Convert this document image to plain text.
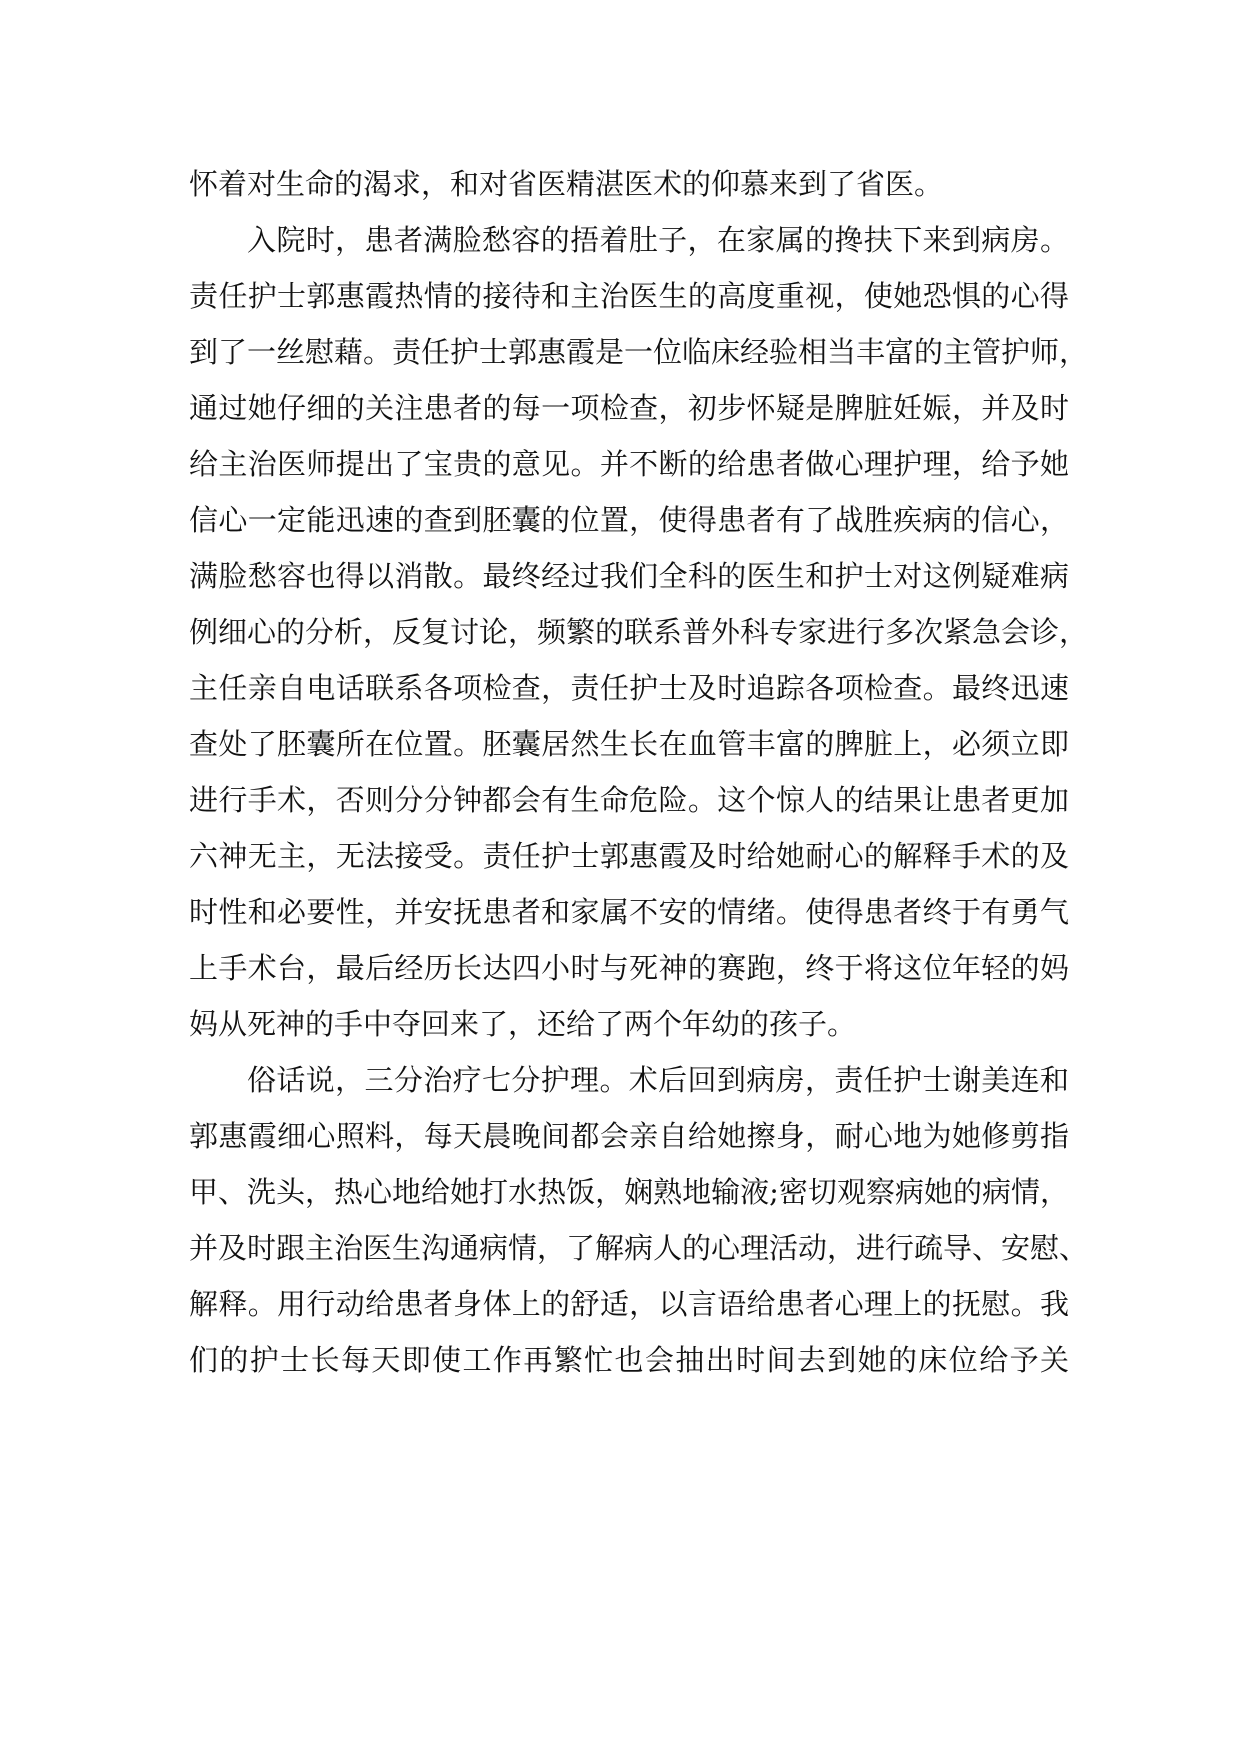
怀着对生命的渴求，和对省医精湛医术的仰慕来到了省医。
入院时，患者满脸愁容的捂着肚子，在家属的搀扶下来到病房。
责任护士郭惠霞热情的接待和主治医生的高度重视，使她恐惧的心得
到了一丝慰藉。责任护士郭惠霞是一位临床经验相当丰富的主管护师，
通过她仔细的关注患者的每一项检查，初步怀疑是脾脏妊娠，并及时
给主治医师提出了宝贵的意见。并不断的给患者做心理护理，给予她
信心一定能迅速的查到胚囊的位置，使得患者有了战胜疾病的信心，
满脸愁容也得以消散。最终经过我们全科的医生和护士对这例疑难病
例细心的分析，反复讨论，频繁的联系普外科专家进行多次紧急会诊，
主任亲自电话联系各项检查，责任护士及时追踪各项检查。最终迅速
查处了胚囊所在位置。胚囊居然生长在血管丰富的脾脏上，必须立即
进行手术，否则分分钟都会有生命危险。这个惊人的结果让患者更加
六神无主，无法接受。责任护士郭惠霞及时给她耐心的解释手术的及
时性和必要性，并安抚患者和家属不安的情绪。使得患者终于有勇气
上手术台，最后经历长达四小时与死神的赛跑，终于将这位年轻的妈
妈从死神的手中夺回来了，还给了两个年幼的孩子。
俗话说，三分治疗七分护理。术后回到病房，责任护士谢美连和
郭惠霞细心照料，每天晨晚间都会亲自给她擦身，耐心地为她修剪指
甲、洗头，热心地给她打水热饭，娴熟地输液;密切观察病她的病情，
并及时跟主治医生沟通病情，了解病人的心理活动，进行疏导、安慰、
解释。用行动给患者身体上的舒适，以言语给患者心理上的抚慰。我
们的护士长每天即使工作再繁忙也会抽出时间去到她的床位给予关
